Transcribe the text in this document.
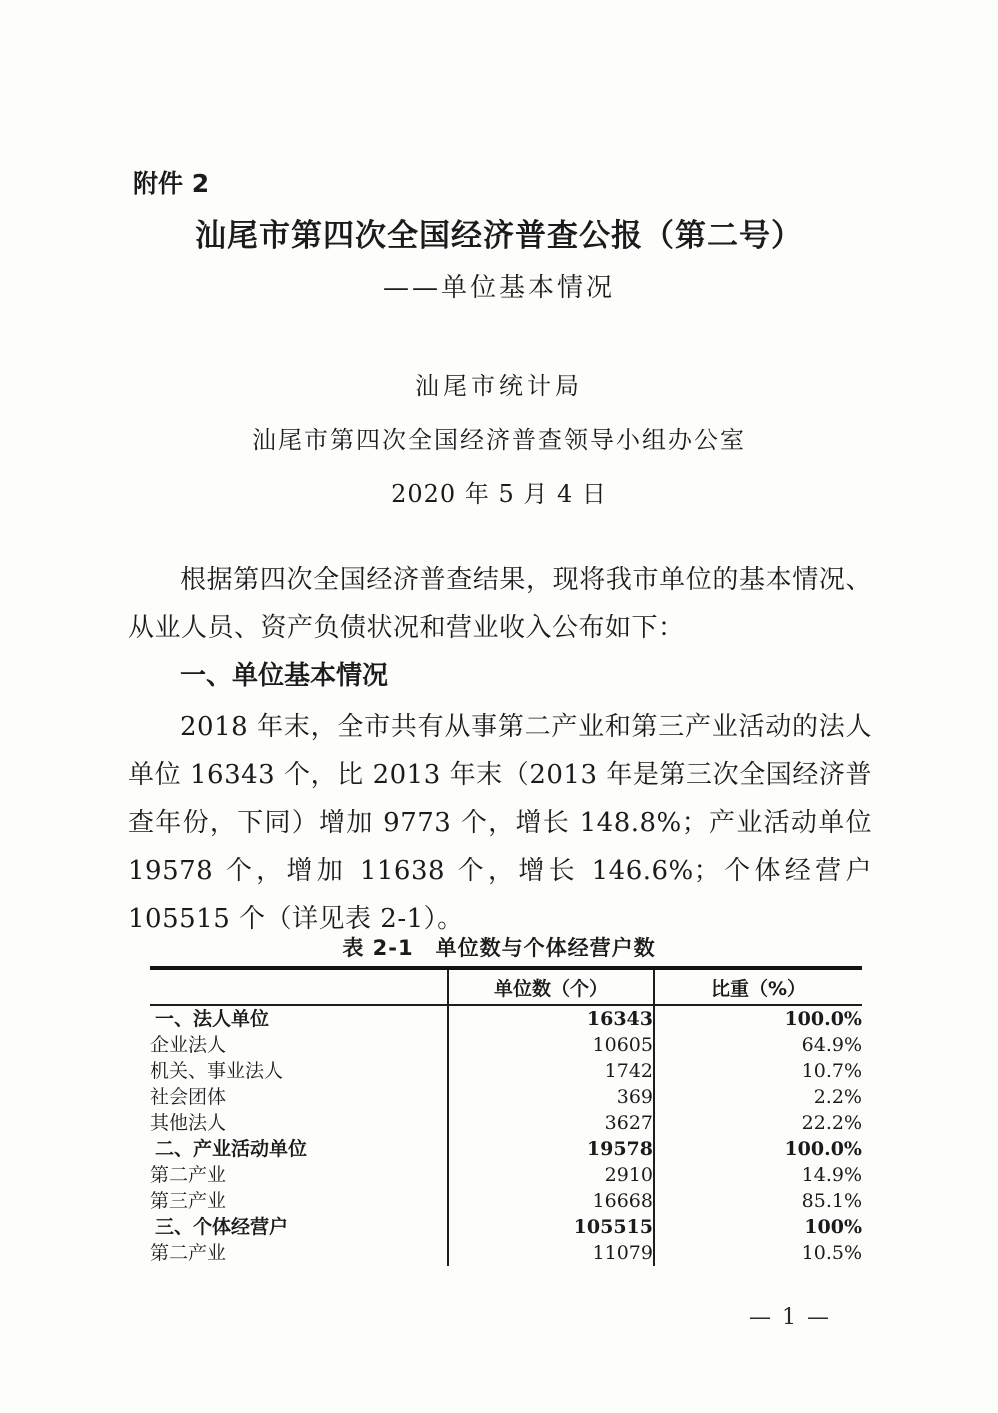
附件 2
汕尾市第四次全国经济普查公报（第二号）
——单位基本情况
汕尾市统计局
汕尾市第四次全国经济普查领导小组办公室
2020 年 5 月 4 日
根据第四次全国经济普查结果，现将我市单位的基本情况、从业人员、资产负债状况和营业收入公布如下：
一、单位基本情况
2018 年末，全市共有从事第二产业和第三产业活动的法人单位 16343 个，比 2013 年末（2013 年是第三次全国经济普查年份，下同）增加 9773 个，增长 148.8%；产业活动单位 19578 个，增加 11638 个，增长 146.6%；个体经营户 105515 个（详见表 2-1）。
表 2-1　单位数与个体经营户数
	单位数（个）	比重（%）
一、法人单位	16343	100.0%
企业法人	10605	64.9%
机关、事业法人	1742	10.7%
社会团体	369	2.2%
其他法人	3627	22.2%
二、产业活动单位	19578	100.0%
第二产业	2910	14.9%
第三产业	16668	85.1%
三、个体经营户	105515	100%
第二产业	11079	10.5%
— 1 —
